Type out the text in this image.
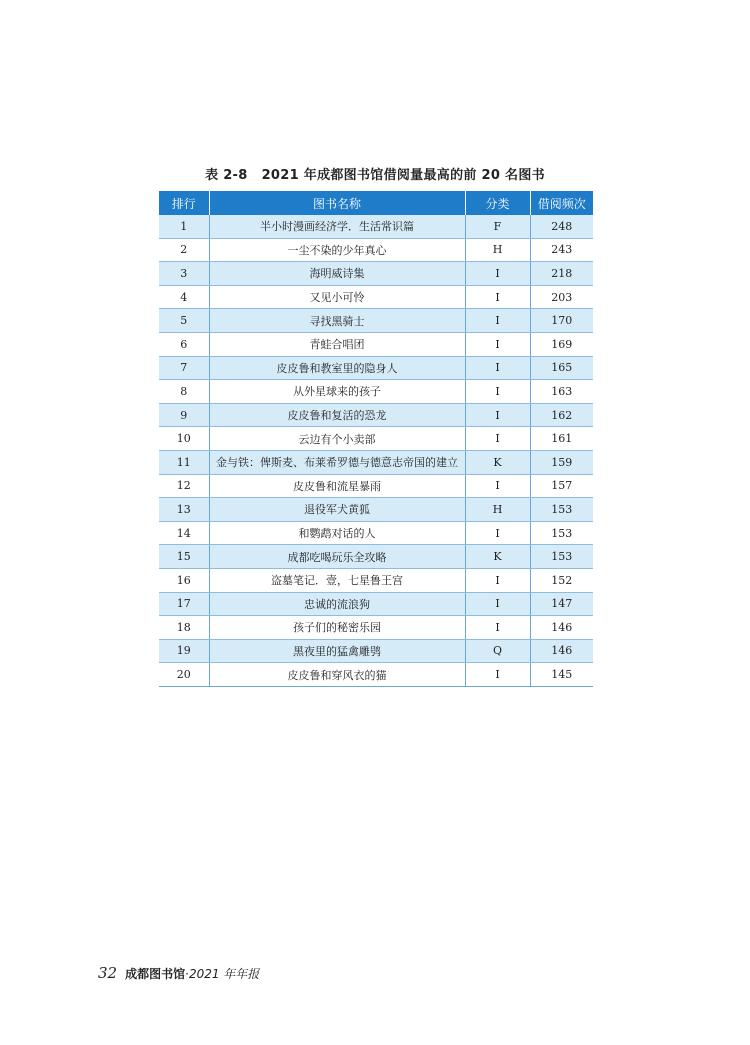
表 2-8 2021 年成都图书馆借阅量最高的前 20 名图书
排行	图书名称	分类	借阅频次
1	半小时漫画经济学．生活常识篇	F	248
2	一尘不染的少年真心	H	243
3	海明威诗集	I	218
4	又见小可怜	I	203
5	寻找黑骑士	I	170
6	青蛙合唱团	I	169
7	皮皮鲁和教室里的隐身人	I	165
8	从外星球来的孩子	I	163
9	皮皮鲁和复活的恐龙	I	162
10	云边有个小卖部	I	161
11	金与铁：俾斯麦、布莱希罗德与德意志帝国的建立	K	159
12	皮皮鲁和流星暴雨	I	157
13	退役军犬黄狐	H	153
14	和鹦鹉对话的人	I	153
15	成都吃喝玩乐全攻略	K	153
16	盗墓笔记．壹，七星鲁王宫	I	152
17	忠诚的流浪狗	I	147
18	孩子们的秘密乐园	I	146
19	黑夜里的猛禽雕鸮	Q	146
20	皮皮鲁和穿风衣的猫	I	145
32 成都图书馆·2021 年年报
